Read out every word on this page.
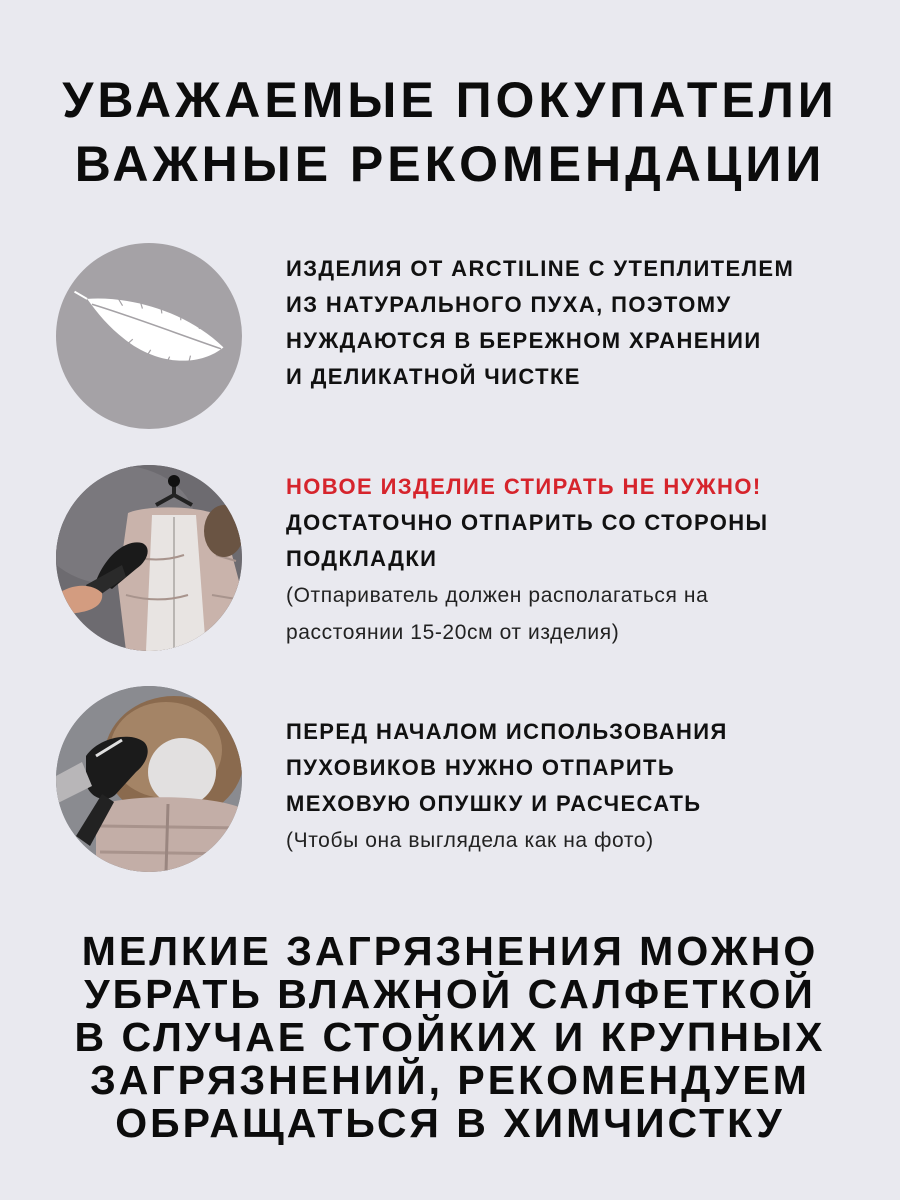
УВАЖАЕМЫЕ ПОКУПАТЕЛИ
ВАЖНЫЕ РЕКОМЕНДАЦИИ
ИЗДЕЛИЯ ОТ ARCTILINE С УТЕПЛИТЕЛЕМ
ИЗ НАТУРАЛЬНОГО ПУХА, ПОЭТОМУ
НУЖДАЮТСЯ В БЕРЕЖНОМ ХРАНЕНИИ
И ДЕЛИКАТНОЙ ЧИСТКЕ
НОВОЕ ИЗДЕЛИЕ СТИРАТЬ НЕ НУЖНО!
ДОСТАТОЧНО ОТПАРИТЬ СО СТОРОНЫ
ПОДКЛАДКИ
(Отпариватель должен располагаться на
расстоянии 15-20см от изделия)
ПЕРЕД НАЧАЛОМ ИСПОЛЬЗОВАНИЯ
ПУХОВИКОВ НУЖНО ОТПАРИТЬ
МЕХОВУЮ ОПУШКУ И РАСЧЕСАТЬ
(Чтобы она выглядела как на фото)
МЕЛКИЕ ЗАГРЯЗНЕНИЯ МОЖНО
УБРАТЬ ВЛАЖНОЙ САЛФЕТКОЙ
В СЛУЧАЕ СТОЙКИХ И КРУПНЫХ
ЗАГРЯЗНЕНИЙ, РЕКОМЕНДУЕМ
ОБРАЩАТЬСЯ В ХИМЧИСТКУ
